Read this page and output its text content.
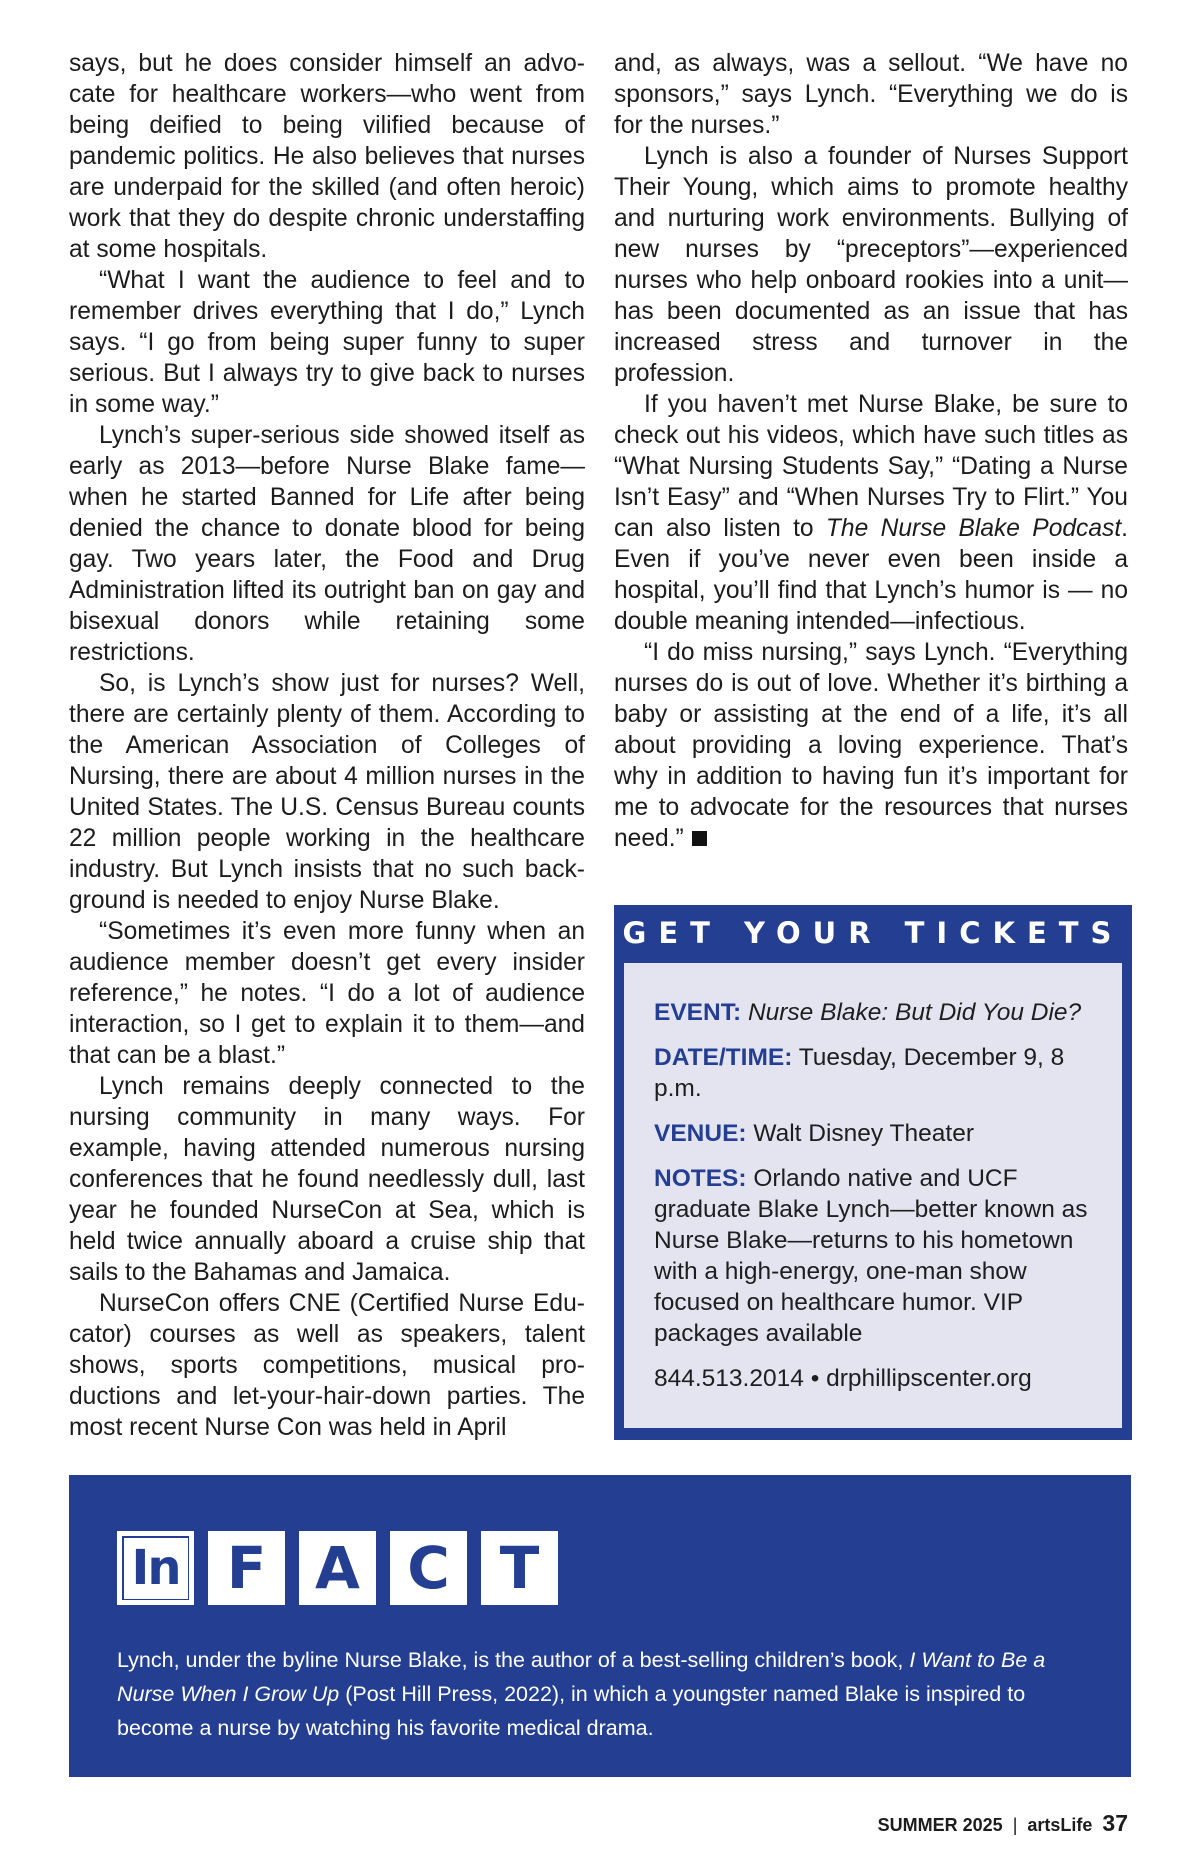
says, but he does consider himself an advocate for healthcare workers—who went from being deified to being vilified because of pandemic politics. He also believes that nurses are underpaid for the skilled (and often heroic) work that they do despite chronic understaffing at some hospitals.

“What I want the audience to feel and to remember drives everything that I do,” Lynch says. “I go from being super funny to super serious. But I always try to give back to nurses in some way.”

Lynch’s super-serious side showed itself as early as 2013—before Nurse Blake fame—when he started Banned for Life after being denied the chance to donate blood for being gay. Two years later, the Food and Drug Administration lifted its outright ban on gay and bisexual donors while retaining some restrictions.

So, is Lynch’s show just for nurses? Well, there are certainly plenty of them. According to the American Association of Colleges of Nursing, there are about 4 million nurses in the United States. The U.S. Census Bureau counts 22 million people working in the healthcare industry. But Lynch insists that no such background is needed to enjoy Nurse Blake.

“Sometimes it’s even more funny when an audience member doesn’t get every insider reference,” he notes. “I do a lot of audience interaction, so I get to explain it to them—and that can be a blast.”

Lynch remains deeply connected to the nursing community in many ways. For example, having attended numerous nursing conferences that he found needlessly dull, last year he founded NurseCon at Sea, which is held twice annually aboard a cruise ship that sails to the Bahamas and Jamaica.

NurseCon offers CNE (Certified Nurse Educator) courses as well as speakers, talent shows, sports competitions, musical productions and let-your-hair-down parties. The most recent Nurse Con was held in April

and, as always, was a sellout. “We have no sponsors,” says Lynch. “Everything we do is for the nurses.”

Lynch is also a founder of Nurses Support Their Young, which aims to promote healthy and nurturing work environments. Bullying of new nurses by “preceptors”—experienced nurses who help onboard rookies into a unit—has been documented as an issue that has increased stress and turnover in the profession.

If you haven’t met Nurse Blake, be sure to check out his videos, which have such titles as “What Nursing Students Say,” “Dating a Nurse Isn’t Easy” and “When Nurses Try to Flirt.” You can also listen to The Nurse Blake Podcast. Even if you’ve never even been inside a hospital, you’ll find that Lynch’s humor is — no double meaning intended—infectious.

“I do miss nursing,” says Lynch. “Everything nurses do is out of love. Whether it’s birthing a baby or assisting at the end of a life, it’s all about providing a loving experience. That’s why in addition to having fun it’s important for me to advocate for the resources that nurses need.”

GET YOUR TICKETS
EVENT: Nurse Blake: But Did You Die?
DATE/TIME: Tuesday, December 9, 8 p.m.
VENUE: Walt Disney Theater
NOTES: Orlando native and UCF graduate Blake Lynch—better known as Nurse Blake—returns to his hometown with a high-energy, one-man show focused on healthcare humor. VIP packages available
844.513.2014 • drphillipscenter.org
In F A C T
Lynch, under the byline Nurse Blake, is the author of a best-selling children’s book, I Want to Be a Nurse When I Grow Up (Post Hill Press, 2022), in which a youngster named Blake is inspired to become a nurse by watching his favorite medical drama.
SUMMER 2025 | artsLife 37
